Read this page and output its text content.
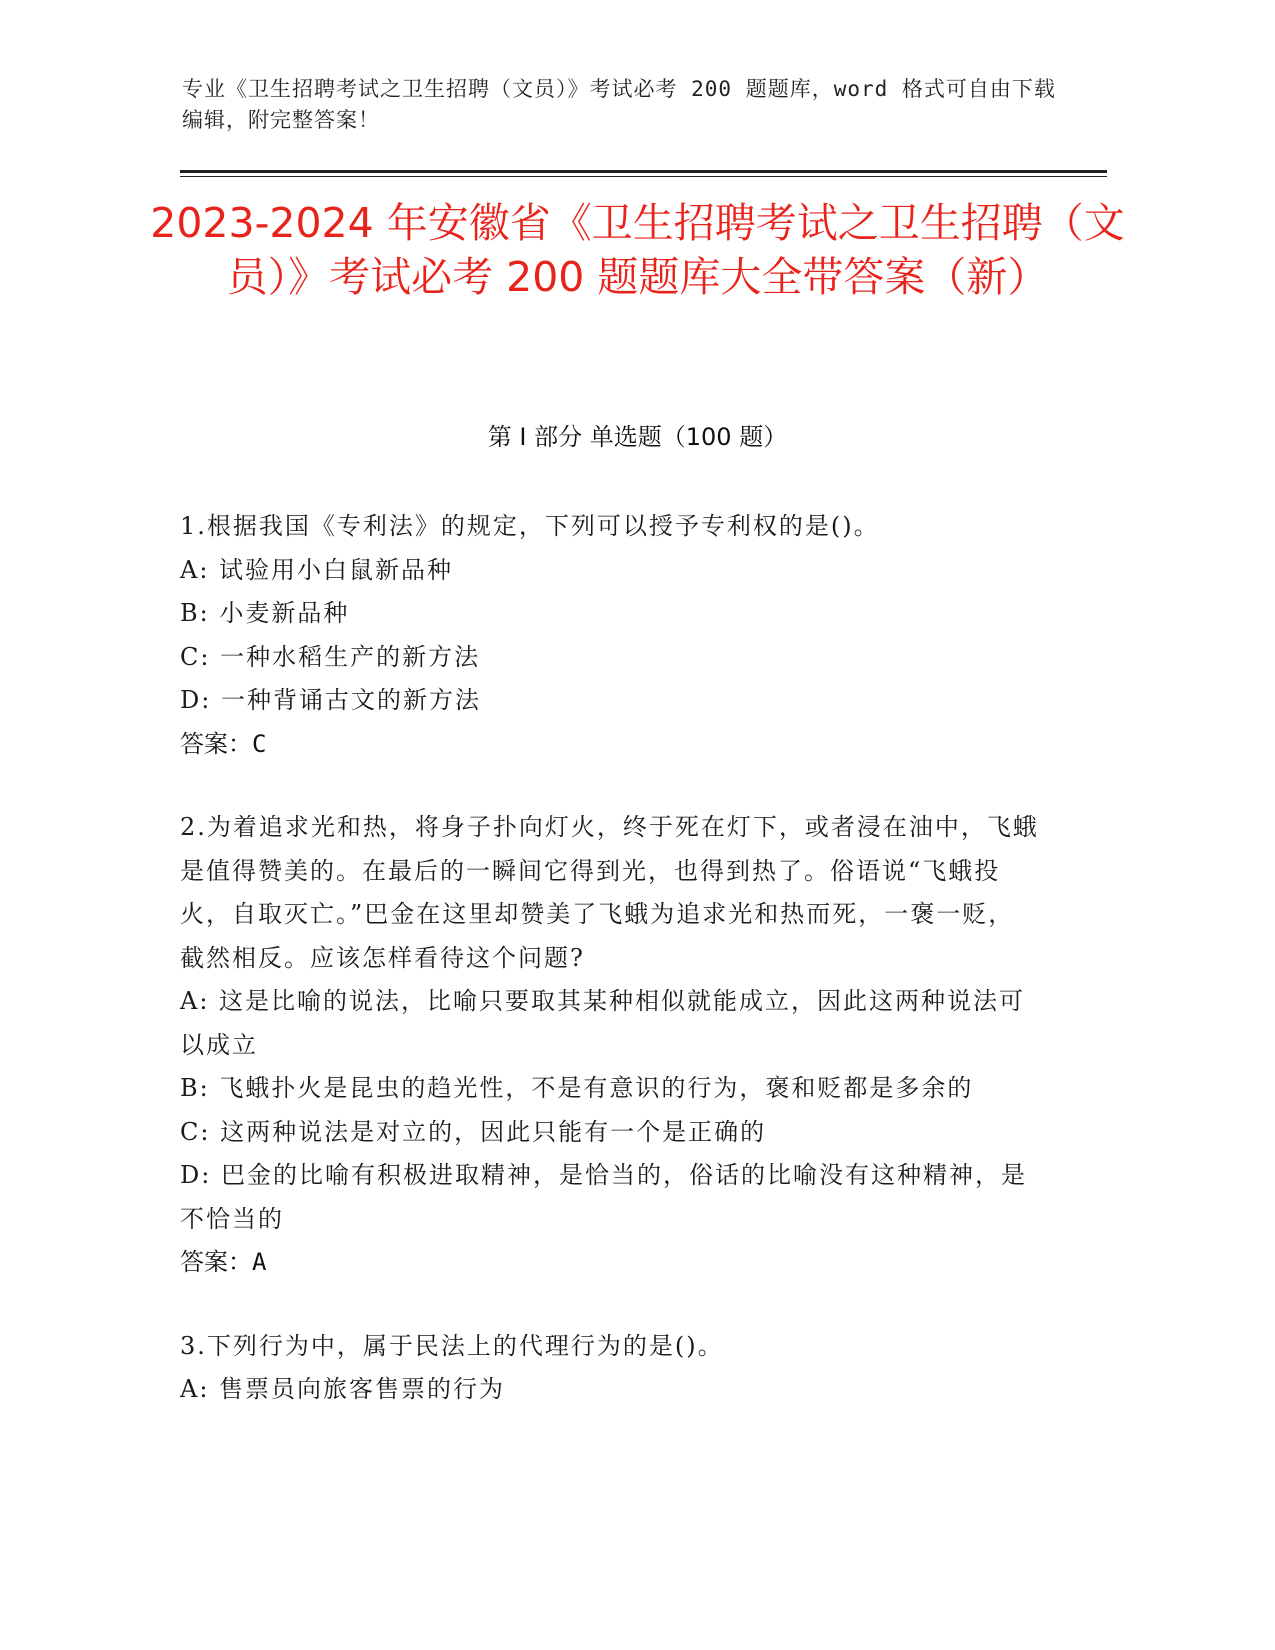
专业《卫生招聘考试之卫生招聘（文员）》考试必考 200 题题库，word 格式可自由下载编辑，附完整答案！
2023-2024 年安徽省《卫生招聘考试之卫生招聘（文员）》考试必考 200 题题库大全带答案（新）
第 I 部分 单选题（100 题）
1.根据我国《专利法》的规定，下列可以授予专利权的是()。
A: 试验用小白鼠新品种
B: 小麦新品种
C: 一种水稻生产的新方法
D: 一种背诵古文的新方法
答案：C
2.为着追求光和热，将身子扑向灯火，终于死在灯下，或者浸在油中，飞蛾是值得赞美的。在最后的一瞬间它得到光，也得到热了。俗语说“飞蛾投火，自取灭亡。”巴金在这里却赞美了飞蛾为追求光和热而死，一褒一贬，截然相反。应该怎样看待这个问题?
A: 这是比喻的说法，比喻只要取其某种相似就能成立，因此这两种说法可以成立
B: 飞蛾扑火是昆虫的趋光性，不是有意识的行为，褒和贬都是多余的
C: 这两种说法是对立的，因此只能有一个是正确的
D: 巴金的比喻有积极进取精神，是恰当的，俗话的比喻没有这种精神，是不恰当的
答案：A
3.下列行为中，属于民法上的代理行为的是()。
A: 售票员向旅客售票的行为
